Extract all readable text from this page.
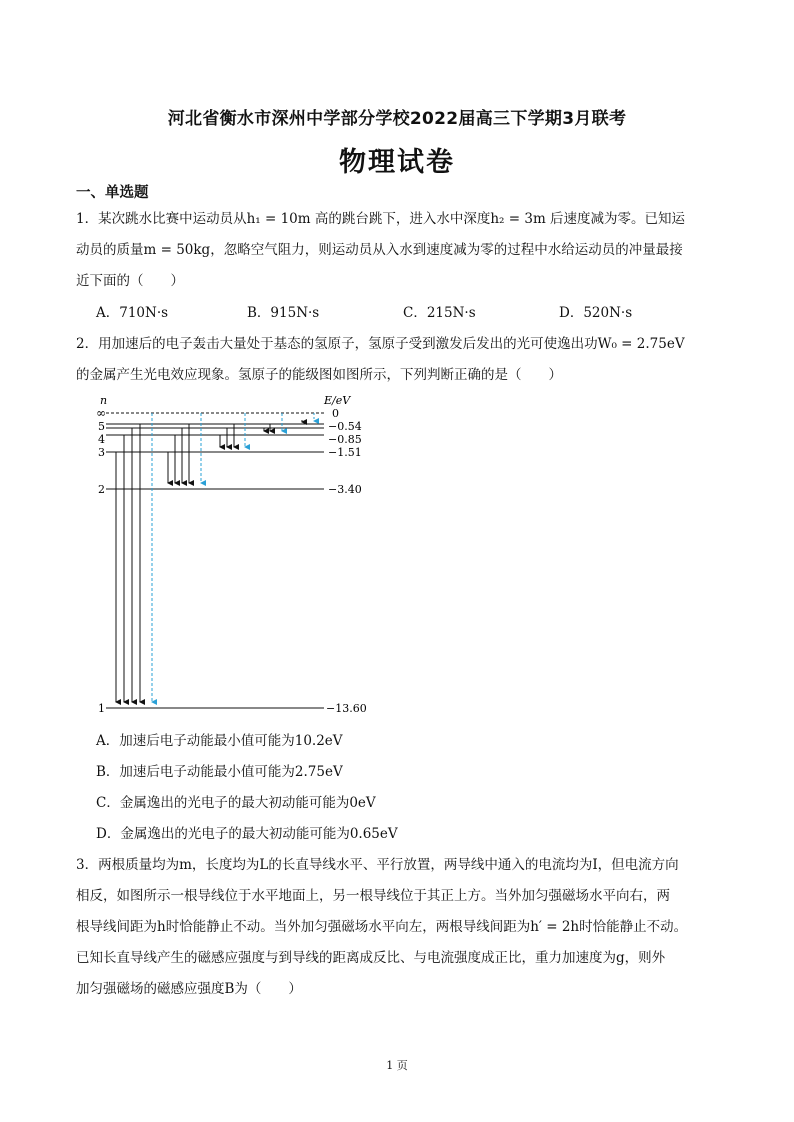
河北省衡水市深州中学部分学校2022届高三下学期3月联考
物理试卷
一、单选题
1．某次跳水比赛中运动员从h₁ = 10m 高的跳台跳下，进入水中深度h₂ = 3m 后速度减为零。已知运
动员的质量m = 50kg，忽略空气阻力，则运动员从入水到速度减为零的过程中水给运动员的冲量最接
近下面的（　　）
A．710N·s	B．915N·s	C．215N·s	D．520N·s
2．用加速后的电子轰击大量处于基态的氢原子，氢原子受到激发后发出的光可使逸出功W₀ = 2.75eV
的金属产生光电效应现象。氢原子的能级图如图所示，下列判断正确的是（　　）
n	E/eV
∞	0
5	−0.54
4	−0.85
3	−1.51
2	−3.40
1	−13.60
A．加速后电子动能最小值可能为10.2eV
B．加速后电子动能最小值可能为2.75eV
C．金属逸出的光电子的最大初动能可能为0eV
D．金属逸出的光电子的最大初动能可能为0.65eV
3．两根质量均为m，长度均为L的长直导线水平、平行放置，两导线中通入的电流均为I，但电流方向
相反，如图所示一根导线位于水平地面上，另一根导线位于其正上方。当外加匀强磁场水平向右，两
根导线间距为h时恰能静止不动。当外加匀强磁场水平向左，两根导线间距为h′ = 2h时恰能静止不动。
已知长直导线产生的磁感应强度与到导线的距离成反比、与电流强度成正比，重力加速度为g，则外
加匀强磁场的磁感应强度B为（　　）
1 页
